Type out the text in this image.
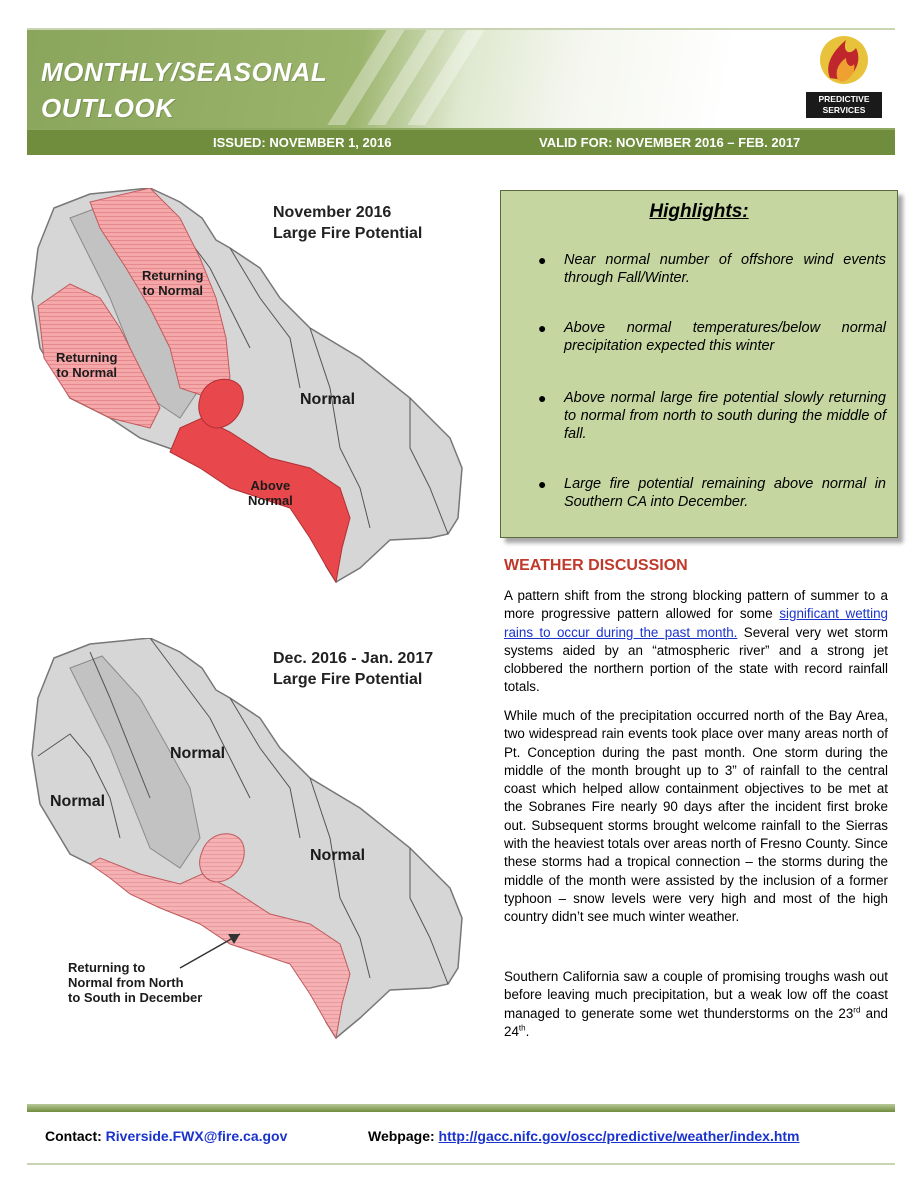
MONTHLY/SEASONAL
OUTLOOK
ISSUED: NOVEMBER 1, 2016	VALID FOR: NOVEMBER 2016 – FEB. 2017
PREDICTIVE
SERVICES
November 2016
Large Fire Potential
Returning
to Normal
Returning
to Normal
Normal
Above
Normal
Dec. 2016 - Jan. 2017
Large Fire Potential
Normal
Normal
Normal
Returning to
Normal from North
to South in December
Highlights:
● Near normal number of offshore wind events through Fall/Winter.
● Above normal temperatures/below normal precipitation expected this winter
● Above normal large fire potential slowly returning to normal from north to south during the middle of fall.
● Large fire potential remaining above normal in Southern CA into December.
WEATHER DISCUSSION
A pattern shift from the strong blocking pattern of summer to a more progressive pattern allowed for some significant wetting rains to occur during the past month. Several very wet storm systems aided by an “atmospheric river” and a strong jet clobbered the northern portion of the state with record rainfall totals.
While much of the precipitation occurred north of the Bay Area, two widespread rain events took place over many areas north of Pt. Conception during the past month. One storm during the middle of the month brought up to 3” of rainfall to the central coast which helped allow containment objectives to be met at the Sobranes Fire nearly 90 days after the incident first broke out. Subsequent storms brought welcome rainfall to the Sierras with the heaviest totals over areas north of Fresno County. Since these storms had a tropical connection – the storms during the middle of the month were assisted by the inclusion of a former typhoon – snow levels were very high and most of the high country didn’t see much winter weather.
Southern California saw a couple of promising troughs wash out before leaving much precipitation, but a weak low off the coast managed to generate some wet thunderstorms on the 23rd and 24th.
Contact: Riverside.FWX@fire.ca.gov	Webpage: http://gacc.nifc.gov/oscc/predictive/weather/index.htm
